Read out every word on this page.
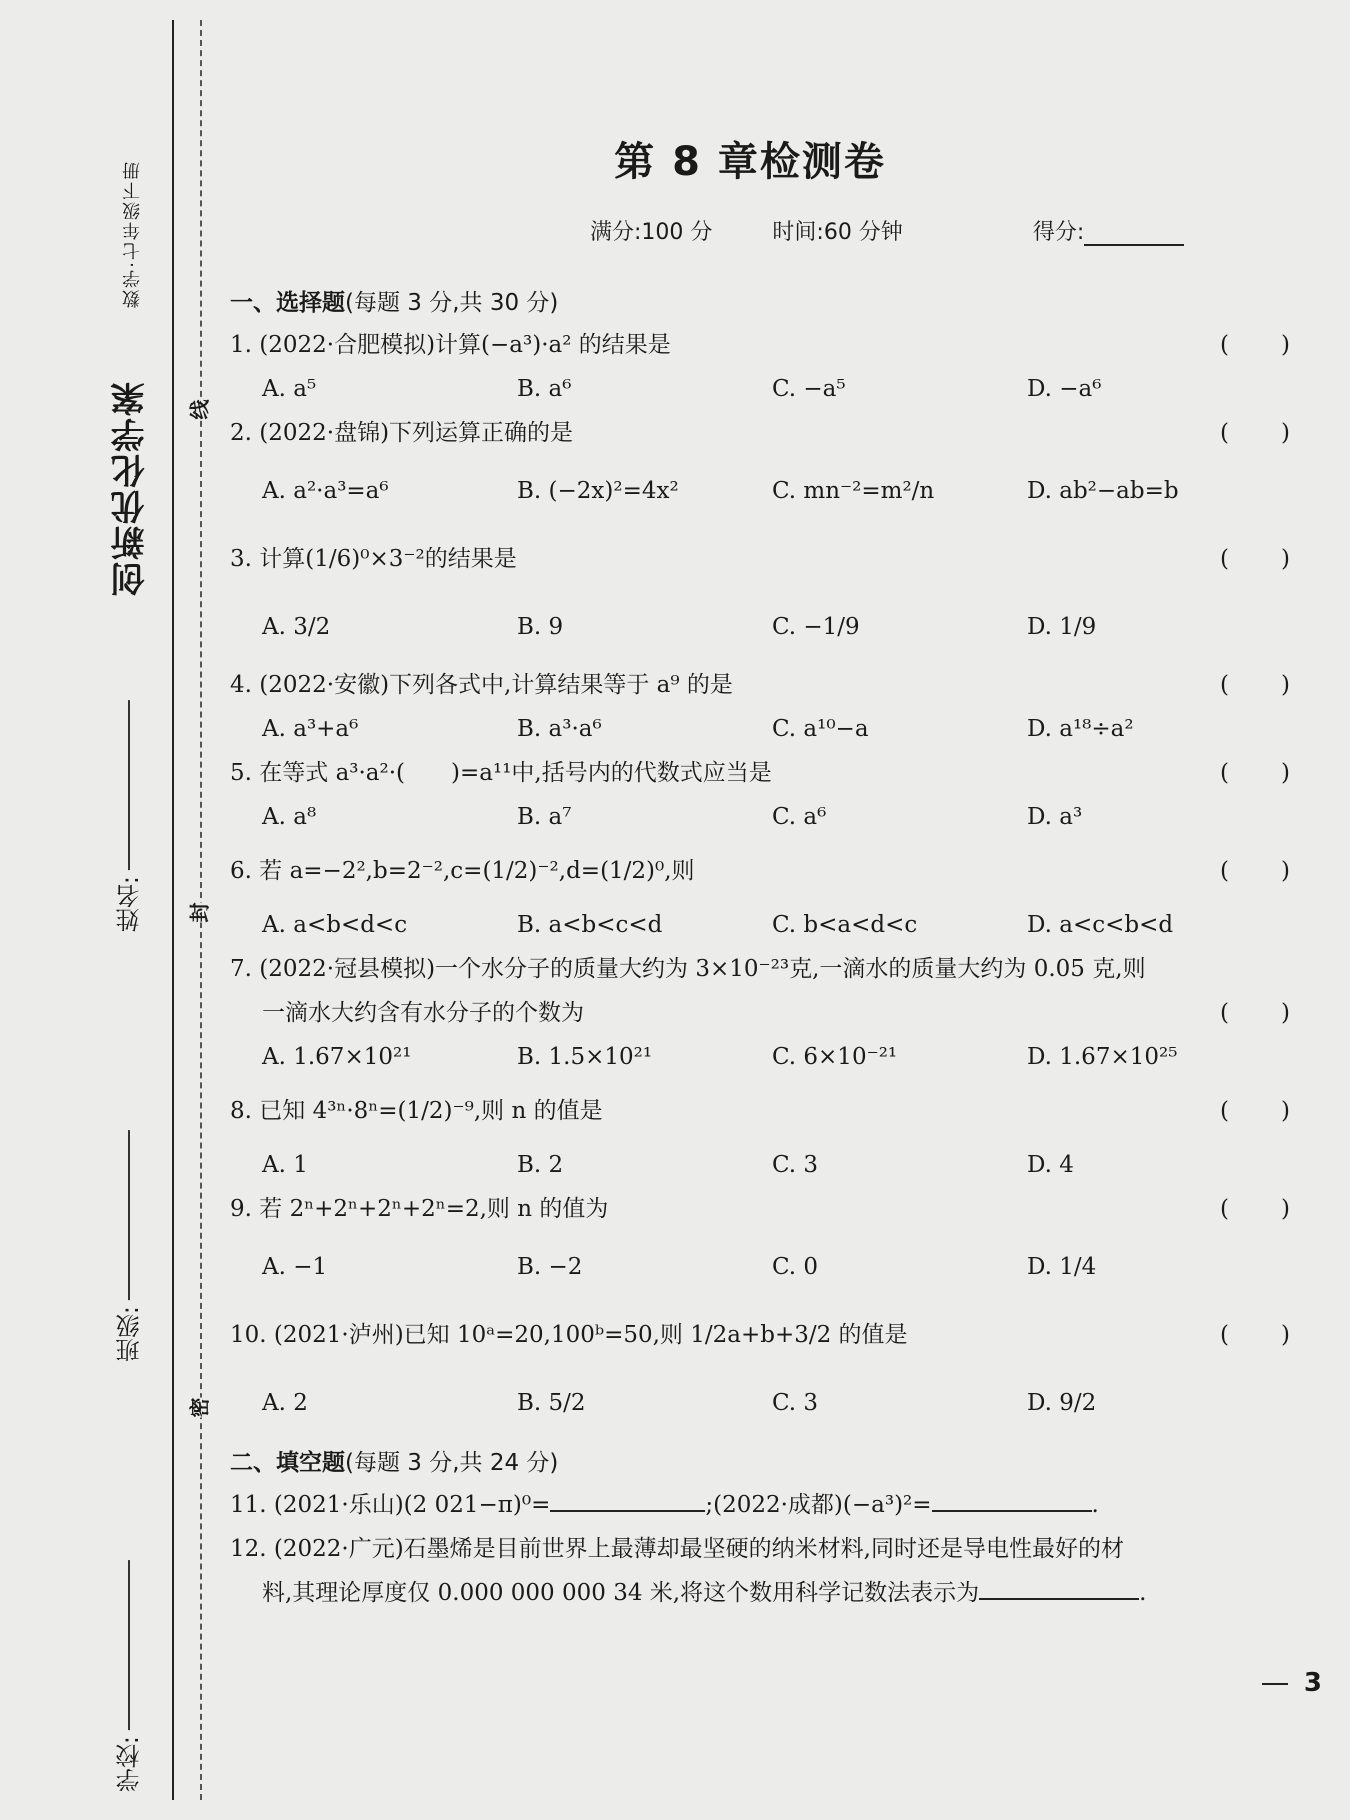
创新优化学案
数学·七年级下册
姓名:
班级:
学校:
线
封
密
第 8 章检测卷
满分:100 分	时间:60 分钟	得分:
一、选择题(每题 3 分,共 30 分)
1. (2022·合肥模拟)计算(−a³)·a² 的结果是	( )
A. a⁵	B. a⁶	C. −a⁵	D. −a⁶
2. (2022·盘锦)下列运算正确的是	( )
A. a²·a³=a⁶	B. (−2x)²=4x²	C. mn⁻²=m²/n	D. ab²−ab=b
3. 计算(1/6)⁰×3⁻²的结果是	( )
A. 3/2	B. 9	C. −1/9	D. 1/9
4. (2022·安徽)下列各式中,计算结果等于 a⁹ 的是	( )
A. a³+a⁶	B. a³·a⁶	C. a¹⁰−a	D. a¹⁸÷a²
5. 在等式 a³·a²·(　　)=a¹¹中,括号内的代数式应当是	( )
A. a⁸	B. a⁷	C. a⁶	D. a³
6. 若 a=−2²,b=2⁻²,c=(1/2)⁻²,d=(1/2)⁰,则	( )
A. a<b<d<c	B. a<b<c<d	C. b<a<d<c	D. a<c<b<d
7. (2022·冠县模拟)一个水分子的质量大约为 3×10⁻²³克,一滴水的质量大约为 0.05 克,则
一滴水大约含有水分子的个数为	( )
A. 1.67×10²¹	B. 1.5×10²¹	C. 6×10⁻²¹	D. 1.67×10²⁵
8. 已知 4³ⁿ·8ⁿ=(1/2)⁻⁹,则 n 的值是	( )
A. 1	B. 2	C. 3	D. 4
9. 若 2ⁿ+2ⁿ+2ⁿ+2ⁿ=2,则 n 的值为	( )
A. −1	B. −2	C. 0	D. 1/4
10. (2021·泸州)已知 10ᵃ=20,100ᵇ=50,则 1/2a+b+3/2 的值是	( )
A. 2	B. 5/2	C. 3	D. 9/2
二、填空题(每题 3 分,共 24 分)
11. (2021·乐山)(2 021−π)⁰=	;(2022·成都)(−a³)²=	.
12. (2022·广元)石墨烯是目前世界上最薄却最坚硬的纳米材料,同时还是导电性最好的材
料,其理论厚度仅 0.000 000 000 34 米,将这个数用科学记数法表示为	.
3
